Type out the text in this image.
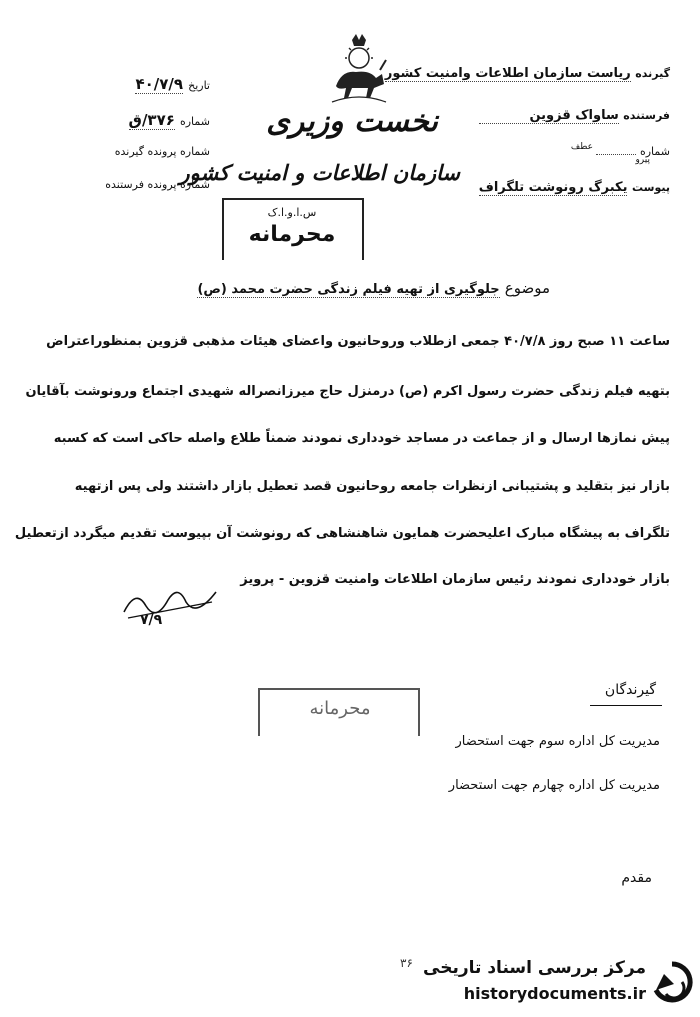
گیرنده ریاست سازمان اطلاعات وامنیت کشور
فرستنده ساواک قزوین
شماره  $^{عطف}$
پیرو
پیوست یکبرگ رونوشت تلگراف
تاریخ ۴۰/۷/۹
شماره ۳۷۶/ق
شماره پرونده گیرنده
شماره پرونده فرستنده
نخست وزیری
سازمان اطلاعات و امنیت کشور
س.ا.و.ا.ک
محرمانه
موضوع جلوگیری از تهیه فیلم زندگی حضرت محمد (ص)
ساعت ۱۱ صبح روز ۴۰/۷/۸ جمعی ازطلاب وروحانیون واعضای هیئات مذهبی قزوین بمنظوراعتراض
بتهیه فیلم زندگی حضرت رسول اکرم (ص) درمنزل حاج میرزانصراله شهیدی اجتماع ورونوشت بآقایان
پیش نمازها ارسال و از جماعت در مساجد خودداری نمودند ضمناً طلاع واصله حاکی است که کسبه
بازار نیز بتقلید و پشتیبانی ازنظرات جامعه روحانیون قصد تعطیل بازار داشتند ولی پس ازتهیه
تلگراف به پیشگاه مبارک اعلیحضرت همایون شاهنشاهی که رونوشت آن بپیوست تقدیم میگردد ازتعطیل
بازار خودداری نمودند رئیس سازمان اطلاعات وامنیت قزوین - پرویز
۷/۹
گیرندگان
محرمانه
مدیریت کل اداره سوم جهت استحضار
مدیریت کل اداره چهارم جهت استحضار
مقدم
۳۶ مرکز بررسی اسناد تاریخی
historydocuments.ir
